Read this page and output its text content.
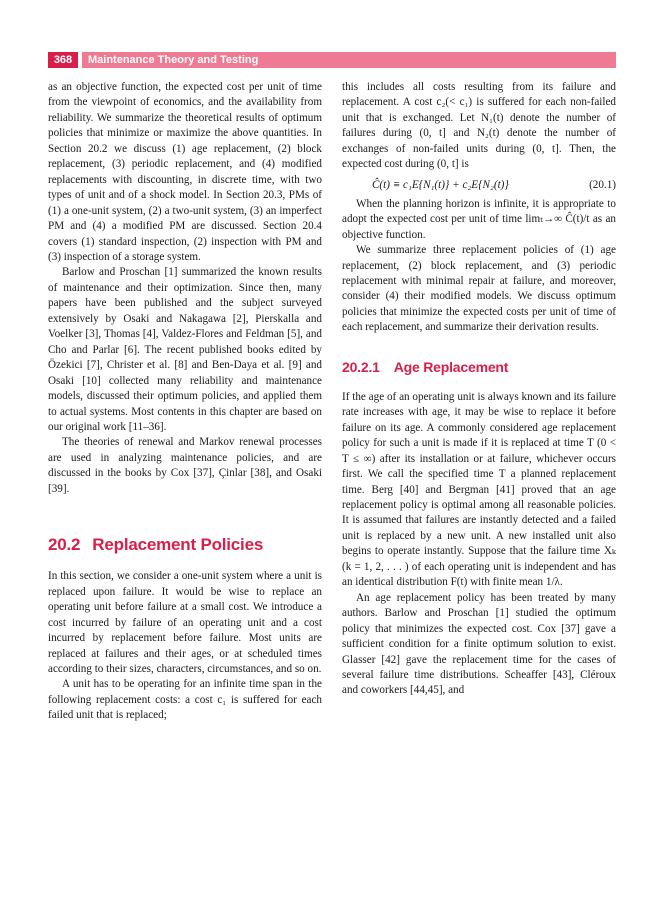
368	Maintenance Theory and Testing

as an objective function, the expected cost per unit of time from the viewpoint of economics, and the availability from reliability. We summarize the theoretical results of optimum policies that minimize or maximize the above quantities. In Section 20.2 we discuss (1) age replacement, (2) block replacement, (3) periodic replacement, and (4) modified replacements with discounting, in discrete time, with two types of unit and of a shock model. In Section 20.3, PMs of (1) a one-unit system, (2) a two-unit system, (3) an imperfect PM and (4) a modified PM are discussed. Section 20.4 covers (1) standard inspection, (2) inspection with PM and (3) inspection of a storage system.

Barlow and Proschan [1] summarized the known results of maintenance and their optimization. Since then, many papers have been published and the subject surveyed extensively by Osaki and Nakagawa [2], Pierskalla and Voelker [3], Thomas [4], Valdez-Flores and Feldman [5], and Cho and Parlar [6]. The recent published books edited by Özekici [7], Christer et al. [8] and Ben-Daya et al. [9] and Osaki [10] collected many reliability and maintenance models, discussed their optimum policies, and applied them to actual systems. Most contents in this chapter are based on our original work [11–36].

The theories of renewal and Markov renewal processes are used in analyzing maintenance policies, and are discussed in the books by Cox [37], Çinlar [38], and Osaki [39].

20.2 Replacement Policies

In this section, we consider a one-unit system where a unit is replaced upon failure. It would be wise to replace an operating unit before failure at a small cost. We introduce a cost incurred by failure of an operating unit and a cost incurred by replacement before failure. Most units are replaced at failures and their ages, or at scheduled times according to their sizes, characters, circumstances, and so on.

A unit has to be operating for an infinite time span in the following replacement costs: a cost c₁ is suffered for each failed unit that is replaced;

this includes all costs resulting from its failure and replacement. A cost c₂(< c₁) is suffered for each non-failed unit that is exchanged. Let N₁(t) denote the number of failures during (0, t] and N₂(t) denote the number of exchanges of non-failed units during (0, t]. Then, the expected cost during (0, t] is

Ĉ(t) ≡ c₁E{N₁(t)} + c₂E{N₂(t)}	(20.1)

When the planning horizon is infinite, it is appropriate to adopt the expected cost per unit of time limₜ→∞ Ĉ(t)/t as an objective function.

We summarize three replacement policies of (1) age replacement, (2) block replacement, and (3) periodic replacement with minimal repair at failure, and moreover, consider (4) their modified models. We discuss optimum policies that minimize the expected costs per unit of time of each replacement, and summarize their derivation results.

20.2.1 Age Replacement

If the age of an operating unit is always known and its failure rate increases with age, it may be wise to replace it before failure on its age. A commonly considered age replacement policy for such a unit is made if it is replaced at time T (0 < T ≤ ∞) after its installation or at failure, whichever occurs first. We call the specified time T a planned replacement time. Berg [40] and Bergman [41] proved that an age replacement policy is optimal among all reasonable policies. It is assumed that failures are instantly detected and a failed unit is replaced by a new unit. A new installed unit also begins to operate instantly. Suppose that the failure time Xₖ (k = 1, 2, . . . ) of each operating unit is independent and has an identical distribution F(t) with finite mean 1/λ.

An age replacement policy has been treated by many authors. Barlow and Proschan [1] studied the optimum policy that minimizes the expected cost. Cox [37] gave a sufficient condition for a finite optimum solution to exist. Glasser [42] gave the replacement time for the cases of several failure time distributions. Scheaffer [43], Cléroux and coworkers [44,45], and
